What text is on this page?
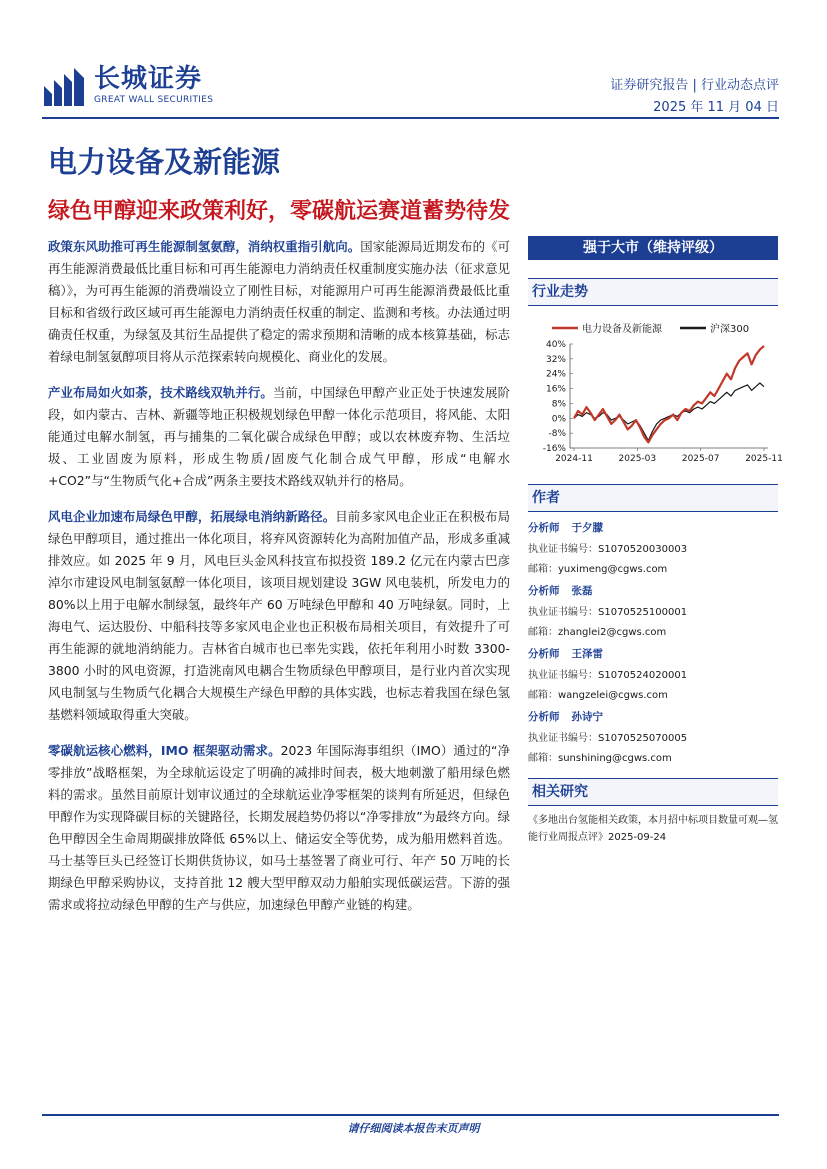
长城证券
GREAT WALL SECURITIES
证券研究报告 | 行业动态点评
2025 年 11 月 04 日
电力设备及新能源
绿色甲醇迎来政策利好，零碳航运赛道蓄势待发

政策东风助推可再生能源制氢氨醇，消纳权重指引航向。国家能源局近期发布的《可再生能源消费最低比重目标和可再生能源电力消纳责任权重制度实施办法（征求意见稿）》，为可再生能源的消费端设立了刚性目标，对能源用户可再生能源消费最低比重目标和省级行政区域可再生能源电力消纳责任权重的制定、监测和考核。办法通过明确责任权重，为绿氢及其衍生品提供了稳定的需求预期和清晰的成本核算基础，标志着绿电制氢氨醇项目将从示范探索转向规模化、商业化的发展。

产业布局如火如荼，技术路线双轨并行。当前，中国绿色甲醇产业正处于快速发展阶段，如内蒙古、吉林、新疆等地正积极规划绿色甲醇一体化示范项目，将风能、太阳能通过电解水制氢，再与捕集的二氧化碳合成绿色甲醇；或以农林废弃物、生活垃圾、工业固废为原料，形成生物质/固废气化制合成气甲醇，形成“电解水+CO2”与“生物质气化+合成”两条主要技术路线双轨并行的格局。

风电企业加速布局绿色甲醇，拓展绿电消纳新路径。目前多家风电企业正在积极布局绿色甲醇项目，通过推出一体化项目，将弃风资源转化为高附加值产品，形成多重减排效应。如 2025 年 9 月，风电巨头金风科技宣布拟投资 189.2 亿元在内蒙古巴彦淖尔市建设风电制氢氨醇一体化项目，该项目规划建设 3GW 风电装机，所发电力的 80%以上用于电解水制绿氢，最终年产 60 万吨绿色甲醇和 40 万吨绿氨。同时，上海电气、运达股份、中船科技等多家风电企业也正积极布局相关项目，有效提升了可再生能源的就地消纳能力。吉林省白城市也已率先实践，依托年利用小时数 3300-3800 小时的风电资源，打造洮南风电耦合生物质绿色甲醇项目，是行业内首次实现风电制氢与生物质气化耦合大规模生产绿色甲醇的具体实践，也标志着我国在绿色氢基燃料领域取得重大突破。

零碳航运核心燃料，IMO 框架驱动需求。2023 年国际海事组织（IMO）通过的“净零排放”战略框架，为全球航运设定了明确的减排时间表，极大地刺激了船用绿色燃料的需求。虽然目前原计划审议通过的全球航运业净零框架的谈判有所延迟，但绿色甲醇作为实现降碳目标的关键路径，长期发展趋势仍将以“净零排放”为最终方向。绿色甲醇因全生命周期碳排放降低 65%以上、储运安全等优势，成为船用燃料首选。马士基等巨头已经签订长期供货协议，如马士基签署了商业可行、年产 50 万吨的长期绿色甲醇采购协议，支持首批 12 艘大型甲醇双动力船舶实现低碳运营。下游的强需求或将拉动绿色甲醇的生产与供应，加速绿色甲醇产业链的构建。

强于大市（维持评级）
行业走势
电力设备及新能源	沪深300
40%
32%
24%
16%
8%
0%
-8%
-16%
2024-11	2025-03	2025-07	2025-11
作者
分析师 于夕朦
执业证书编号：S1070520030003
邮箱：yuximeng@cgws.com
分析师 张磊
执业证书编号：S1070525100001
邮箱：zhanglei2@cgws.com
分析师 王泽雷
执业证书编号：S1070524020001
邮箱：wangzelei@cgws.com
分析师 孙诗宁
执业证书编号：S1070525070005
邮箱：sunshining@cgws.com
相关研究
《多地出台氢能相关政策，本月招中标项目数量可观—氢能行业周报点评》2025-09-24
请仔细阅读本报告末页声明
